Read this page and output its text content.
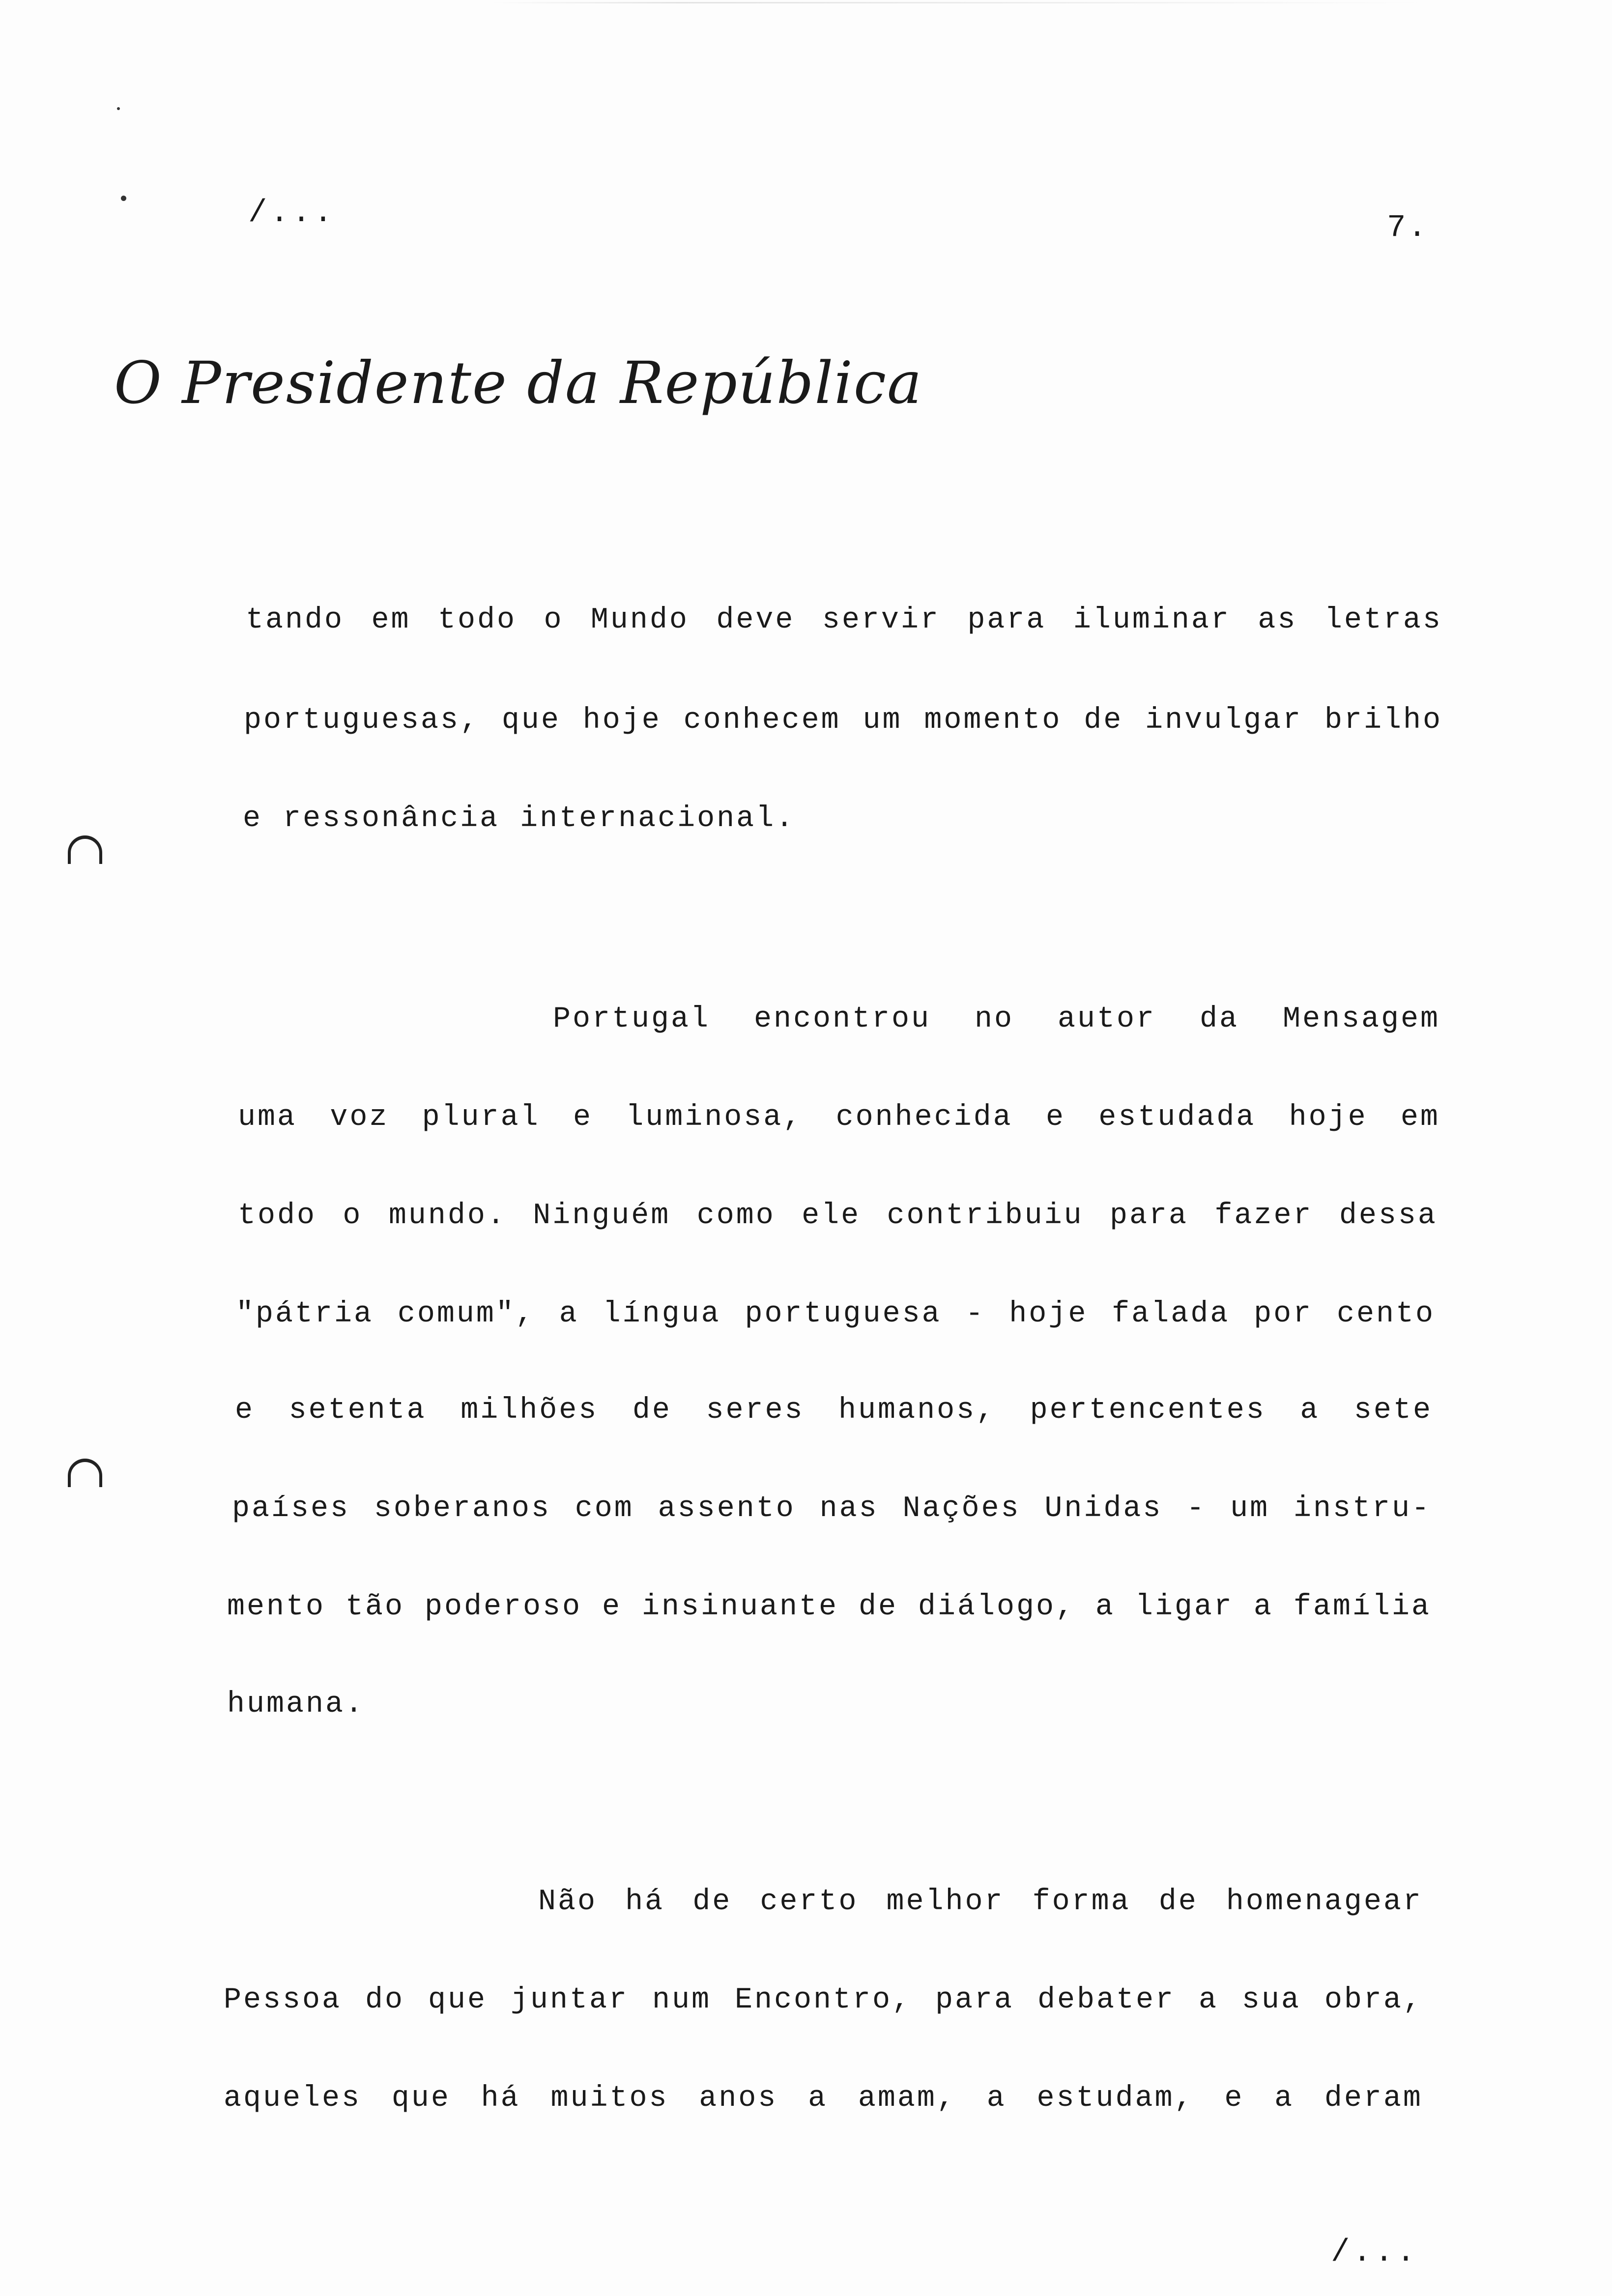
/...	7.
O Presidente da República
tando em todo o Mundo deve servir para iluminar as letras
portuguesas, que hoje conhecem um momento de invulgar brilho
e ressonância internacional.
Portugal encontrou no autor da Mensagem
uma voz plural e luminosa, conhecida e estudada hoje em
todo o mundo. Ninguém como ele contribuiu para fazer dessa
"pátria comum", a língua portuguesa - hoje falada por cento
e setenta milhões de seres humanos, pertencentes a sete
países soberanos com assento nas Nações Unidas - um instru-
mento tão poderoso e insinuante de diálogo, a ligar a família
humana.
Não há de certo melhor forma de homenagear
Pessoa do que juntar num Encontro, para debater a sua obra,
aqueles que há muitos anos a amam, a estudam, e a deram
/...
